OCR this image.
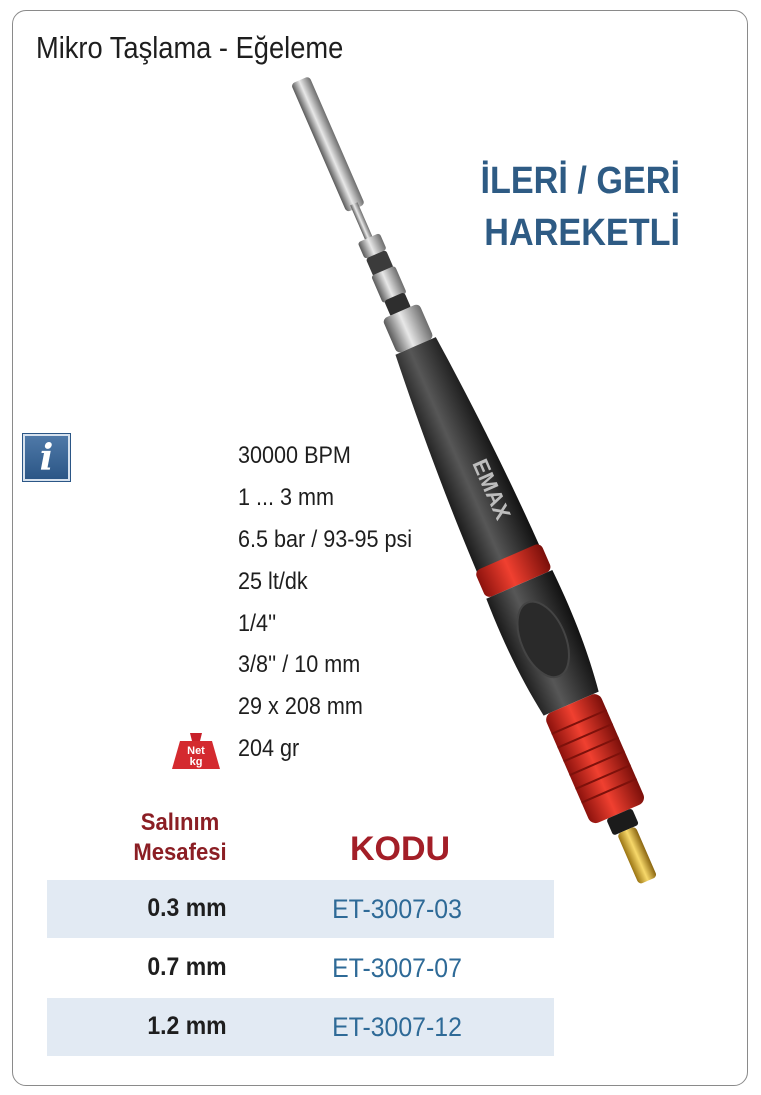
Mikro Taşlama - Eğeleme
İLERİ / GERİ
HAREKETLİ
EMAX
i	30000 BPM
1 ... 3 mm
6.5 bar / 93-95 psi
25 lt/dk
1/4''
3/8'' / 10 mm
29 x 208 mm
Net
kg	204 gr
Salınım
Mesafesi	KODU
0.3 mm	ET-3007-03
0.7 mm	ET-3007-07
1.2 mm	ET-3007-12
